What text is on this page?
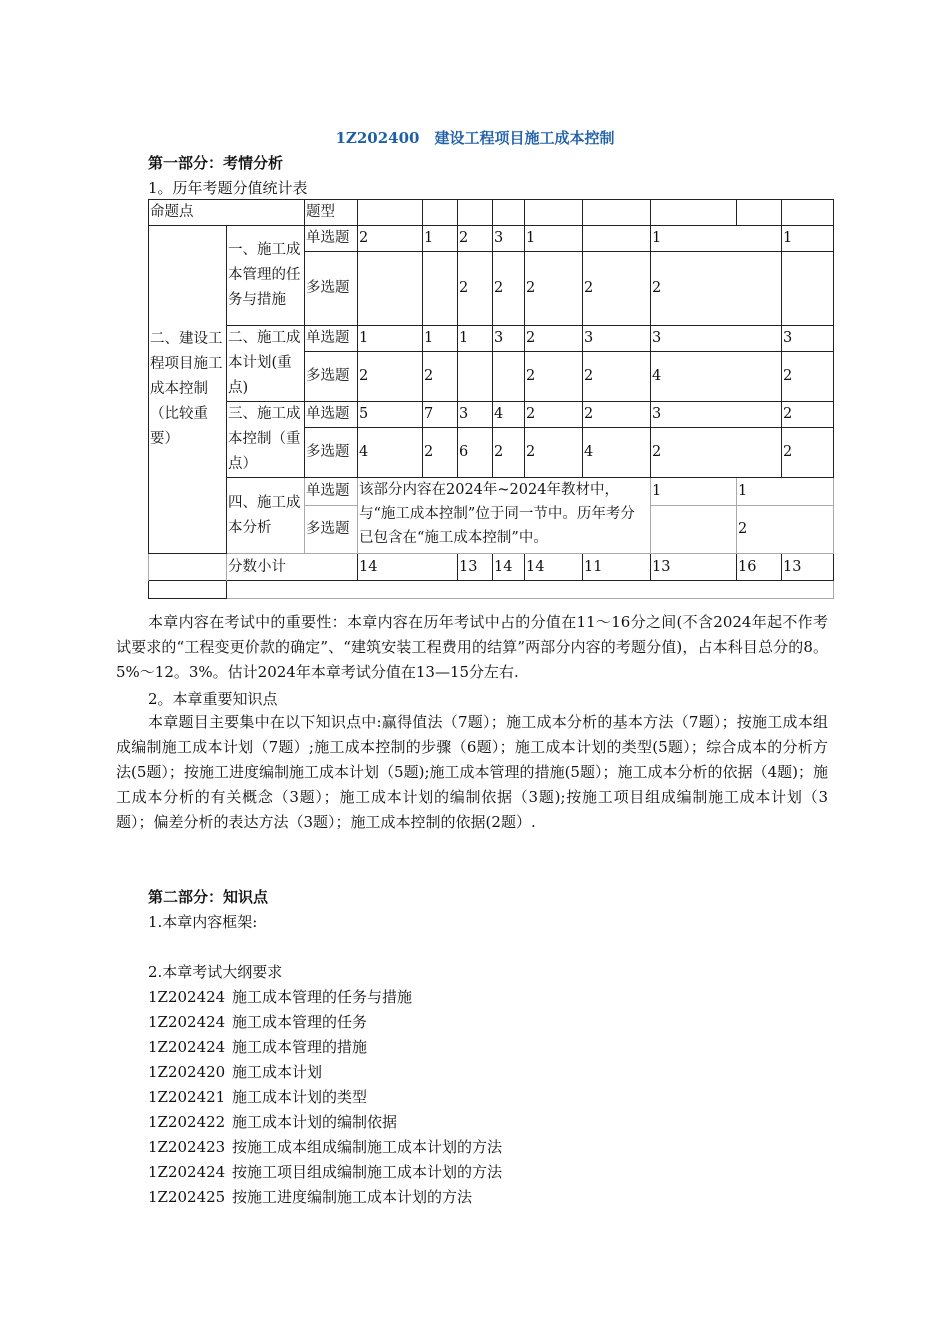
1Z202400　建设工程项目施工成本控制
第一部分：考情分析
1。历年考题分值统计表
命题点		题型									
二、建设工程项目施工成本控制（比较重要）	一、施工成本管理的任务与措施	单选题	2	1	2	3	1		1		1
		多选题			2	2	2	2	2		
	二、施工成本计划(重点)	单选题	1	1	1	3	2	3	3		3
		多选题	2	2			2	2	4		2
	三、施工成本控制（重点）	单选题	5	7	3	4	2	2	3		2
		多选题	4	2	6	2	2	4	2		2
	四、施工成本分析	单选题	该部分内容在2024年~2024年教材中，与“施工成本控制”位于同一节中。历年考分已包含在“施工成本控制”中。						1	1	
		多选题								2	
	分数小计		14		13	14	14	11	13	16	13

本章内容在考试中的重要性：本章内容在历年考试中占的分值在11～16分之间(不含2024年起不作考试要求的“工程变更价款的确定”、“建筑安装工程费用的结算”两部分内容的考题分值)，占本科目总分的8。5%～12。3%。估计2024年本章考试分值在13—15分左右.
2。本章重要知识点
本章题目主要集中在以下知识点中:赢得值法（7题）；施工成本分析的基本方法（7题）；按施工成本组成编制施工成本计划（7题）;施工成本控制的步骤（6题）；施工成本计划的类型(5题）；综合成本的分析方法(5题）；按施工进度编制施工成本计划（5题);施工成本管理的措施(5题）；施工成本分析的依据（4题)；施工成本分析的有关概念（3题）；施工成本计划的编制依据（3题);按施工项目组成编制施工成本计划（3题）；偏差分析的表达方法（3题）；施工成本控制的依据(2题）.
第二部分：知识点
1.本章内容框架:
2.本章考试大纲要求
1Z202424 施工成本管理的任务与措施
1Z202424 施工成本管理的任务
1Z202424 施工成本管理的措施
1Z202420 施工成本计划
1Z202421 施工成本计划的类型
1Z202422 施工成本计划的编制依据
1Z202423 按施工成本组成编制施工成本计划的方法
1Z202424 按施工项目组成编制施工成本计划的方法
1Z202425 按施工进度编制施工成本计划的方法
